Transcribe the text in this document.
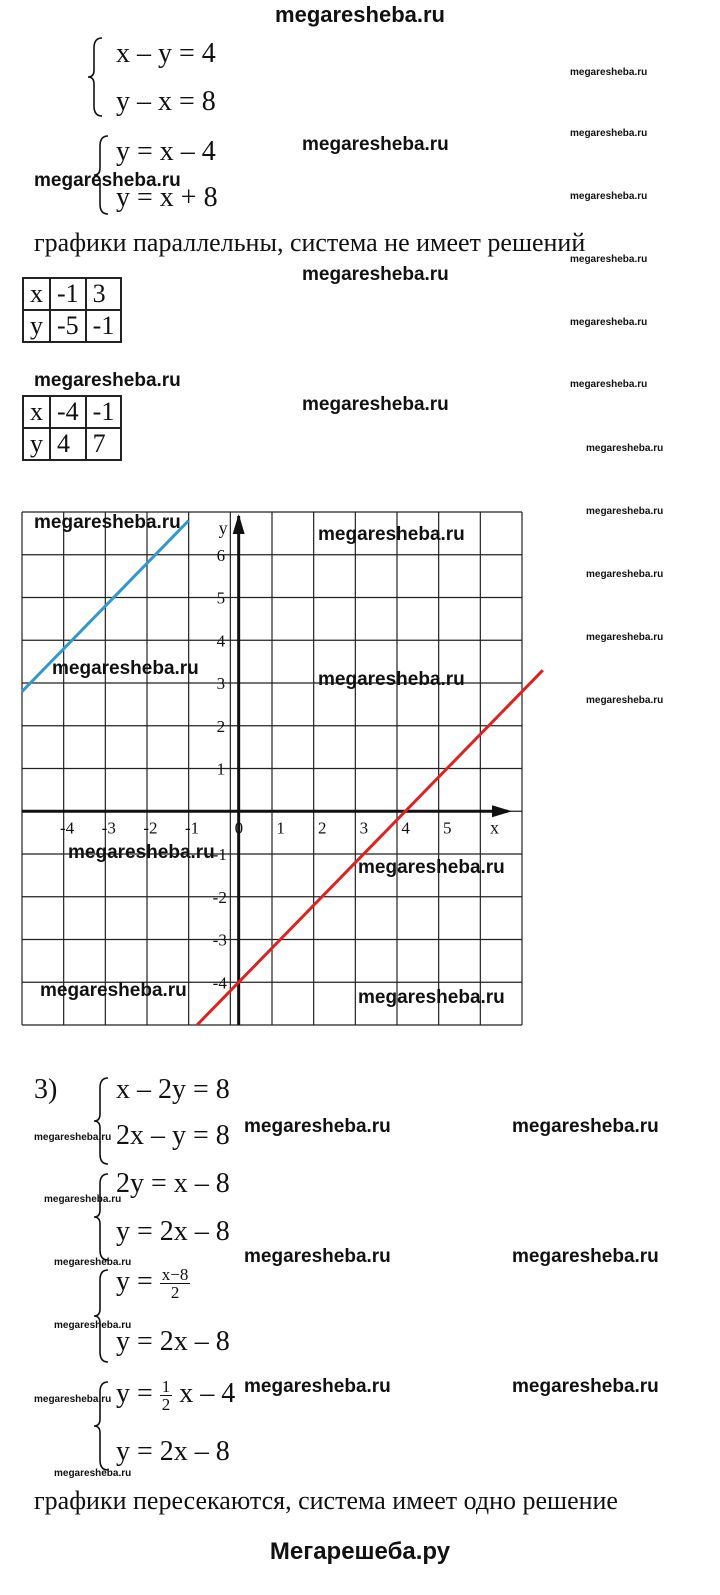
megaresheba.ru
x – y = 4
y – x = 8
y = x – 4
y = x + 8
графики параллельны, система не имеет решений
x	-1	3
y	-5	-1
x	-4	-1
y	4	7
-4 -3 -2 -1 0 1 2 3 4 5 x
6
5
4
3
2
1
-1
-2
-3
-4
y
3) x – 2y = 8
2x – y = 8
2y = x – 8
y = 2x – 8
$y = \frac{x-8}{2}$
y = 2x – 8
$y = \frac{1}{2}$ x – 4
y = 2x – 8
графики пересекаются, система имеет одно решение
Мегарешеба.ру
megaresheba.ru
megaresheba.ru
megaresheba.ru
megaresheba.ru
megaresheba.ru
megaresheba.ru
megaresheba.ru
megaresheba.ru
megaresheba.ru
megaresheba.ru
megaresheba.ru
megaresheba.ru	megaresheba.ru
megaresheba.ru	megaresheba.ru
megaresheba.ru	megaresheba.ru
megaresheba.ru	megaresheba.ru
megaresheba.ru
megaresheba.ru
megaresheba.ru
megaresheba.ru
megaresheba.ru
megaresheba.ru
megaresheba.ru
megaresheba.ru
megaresheba.ru
megaresheba.ru
megaresheba.ru
megaresheba.ru
megaresheba.ru
megaresheba.ru
megaresheba.ru
megaresheba.ru
megaresheba.ru
